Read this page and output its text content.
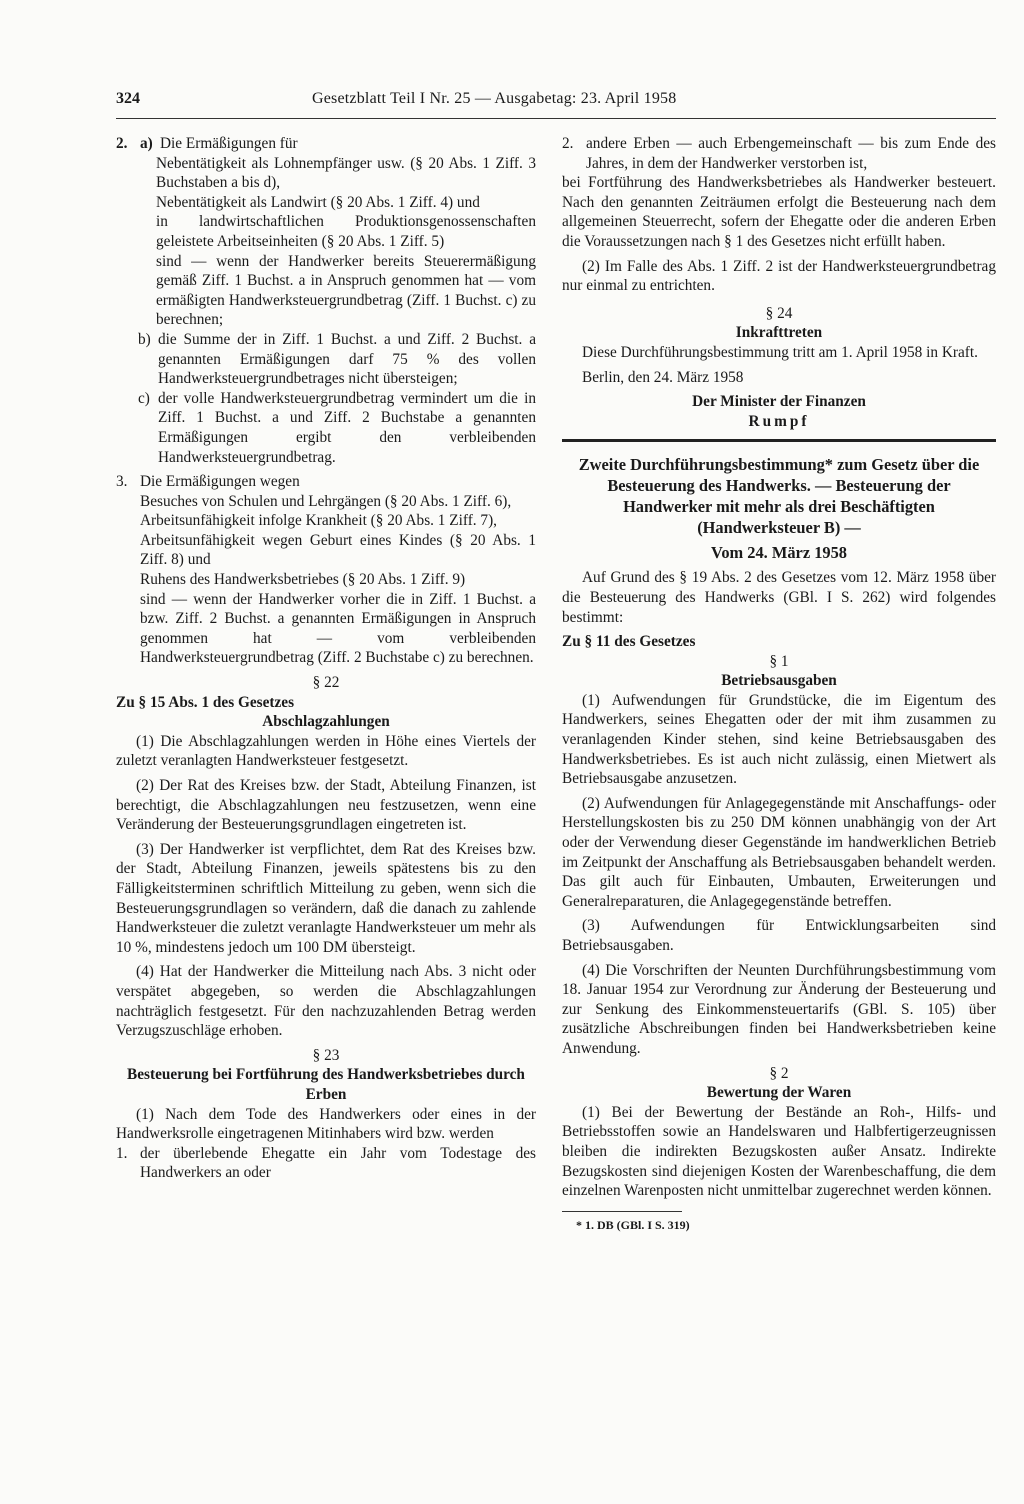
324	Gesetzblatt Teil I Nr. 25 — Ausgabetag: 23. April 1958
2. a) Die Ermäßigungen für

Nebentätigkeit als Lohnempfänger usw. (§ 20 Abs. 1 Ziff. 3 Buchstaben a bis d),

Nebentätigkeit als Landwirt (§ 20 Abs. 1 Ziff. 4) und

in landwirtschaftlichen Produktionsgenossenschaften geleistete Arbeitseinheiten (§ 20 Abs. 1 Ziff. 5)

sind — wenn der Handwerker bereits Steuerermäßigung gemäß Ziff. 1 Buchst. a in Anspruch genommen hat — vom ermäßigten Handwerksteuergrundbetrag (Ziff. 1 Buchst. c) zu berechnen;

b) die Summe der in Ziff. 1 Buchst. a und Ziff. 2 Buchst. a genannten Ermäßigungen darf 75 % des vollen Handwerksteuergrundbetrages nicht übersteigen;

c) der volle Handwerksteuergrundbetrag vermindert um die in Ziff. 1 Buchst. a und Ziff. 2 Buchstabe a genannten Ermäßigungen ergibt den verbleibenden Handwerksteuergrundbetrag.

3. Die Ermäßigungen wegen

Besuches von Schulen und Lehrgängen (§ 20 Abs. 1 Ziff. 6),

Arbeitsunfähigkeit infolge Krankheit (§ 20 Abs. 1 Ziff. 7),

Arbeitsunfähigkeit wegen Geburt eines Kindes (§ 20 Abs. 1 Ziff. 8) und

Ruhens des Handwerksbetriebes (§ 20 Abs. 1 Ziff. 9)

sind — wenn der Handwerker vorher die in Ziff. 1 Buchst. a bzw. Ziff. 2 Buchst. a genannten Ermäßigungen in Anspruch genommen hat — vom verbleibenden Handwerksteuergrundbetrag (Ziff. 2 Buchstabe c) zu berechnen.

§ 22

Zu § 15 Abs. 1 des Gesetzes

Abschlagzahlungen

(1) Die Abschlagzahlungen werden in Höhe eines Viertels der zuletzt veranlagten Handwerksteuer festgesetzt.

(2) Der Rat des Kreises bzw. der Stadt, Abteilung Finanzen, ist berechtigt, die Abschlagzahlungen neu festzusetzen, wenn eine Veränderung der Besteuerungsgrundlagen eingetreten ist.

(3) Der Handwerker ist verpflichtet, dem Rat des Kreises bzw. der Stadt, Abteilung Finanzen, jeweils spätestens bis zu den Fälligkeitsterminen schriftlich Mitteilung zu geben, wenn sich die Besteuerungsgrundlagen so verändern, daß die danach zu zahlende Handwerksteuer die zuletzt veranlagte Handwerksteuer um mehr als 10 %, mindestens jedoch um 100 DM übersteigt.

(4) Hat der Handwerker die Mitteilung nach Abs. 3 nicht oder verspätet abgegeben, so werden die Abschlagzahlungen nachträglich festgesetzt. Für den nachzuzahlenden Betrag werden Verzugszuschläge erhoben.

§ 23

Besteuerung bei Fortführung des Handwerksbetriebes durch Erben

(1) Nach dem Tode des Handwerkers oder eines in der Handwerksrolle eingetragenen Mitinhabers wird bzw. werden

1. der überlebende Ehegatte ein Jahr vom Todestage des Handwerkers an oder

2. andere Erben — auch Erbengemeinschaft — bis zum Ende des Jahres, in dem der Handwerker verstorben ist,

bei Fortführung des Handwerksbetriebes als Handwerker besteuert. Nach den genannten Zeiträumen erfolgt die Besteuerung nach dem allgemeinen Steuerrecht, sofern der Ehegatte oder die anderen Erben die Voraussetzungen nach § 1 des Gesetzes nicht erfüllt haben.

(2) Im Falle des Abs. 1 Ziff. 2 ist der Handwerksteuergrundbetrag nur einmal zu entrichten.

§ 24

Inkrafttreten

Diese Durchführungsbestimmung tritt am 1. April 1958 in Kraft.

Berlin, den 24. März 1958

Der Minister der Finanzen

Rumpf

Zweite Durchführungsbestimmung* zum Gesetz über die Besteuerung des Handwerks. — Besteuerung der Handwerker mit mehr als drei Beschäftigten (Handwerksteuer B) —

Vom 24. März 1958

Auf Grund des § 19 Abs. 2 des Gesetzes vom 12. März 1958 über die Besteuerung des Handwerks (GBl. I S. 262) wird folgendes bestimmt:

Zu § 11 des Gesetzes

§ 1

Betriebsausgaben

(1) Aufwendungen für Grundstücke, die im Eigentum des Handwerkers, seines Ehegatten oder der mit ihm zusammen zu veranlagenden Kinder stehen, sind keine Betriebsausgaben des Handwerksbetriebes. Es ist auch nicht zulässig, einen Mietwert als Betriebsausgabe anzusetzen.

(2) Aufwendungen für Anlagegegenstände mit Anschaffungs- oder Herstellungskosten bis zu 250 DM können unabhängig von der Art oder der Verwendung dieser Gegenstände im handwerklichen Betrieb im Zeitpunkt der Anschaffung als Betriebsausgaben behandelt werden. Das gilt auch für Einbauten, Umbauten, Erweiterungen und Generalreparaturen, die Anlagegegenstände betreffen.

(3) Aufwendungen für Entwicklungsarbeiten sind Betriebsausgaben.

(4) Die Vorschriften der Neunten Durchführungsbestimmung vom 18. Januar 1954 zur Verordnung zur Änderung der Besteuerung und zur Senkung des Einkommensteuertarifs (GBl. S. 105) über zusätzliche Abschreibungen finden bei Handwerksbetrieben keine Anwendung.

§ 2

Bewertung der Waren

(1) Bei der Bewertung der Bestände an Roh-, Hilfs- und Betriebsstoffen sowie an Handelswaren und Halbfertigerzeugnissen bleiben die indirekten Bezugskosten außer Ansatz. Indirekte Bezugskosten sind diejenigen Kosten der Warenbeschaffung, die dem einzelnen Warenposten nicht unmittelbar zugerechnet werden können.

* 1. DB (GBl. I S. 319)
